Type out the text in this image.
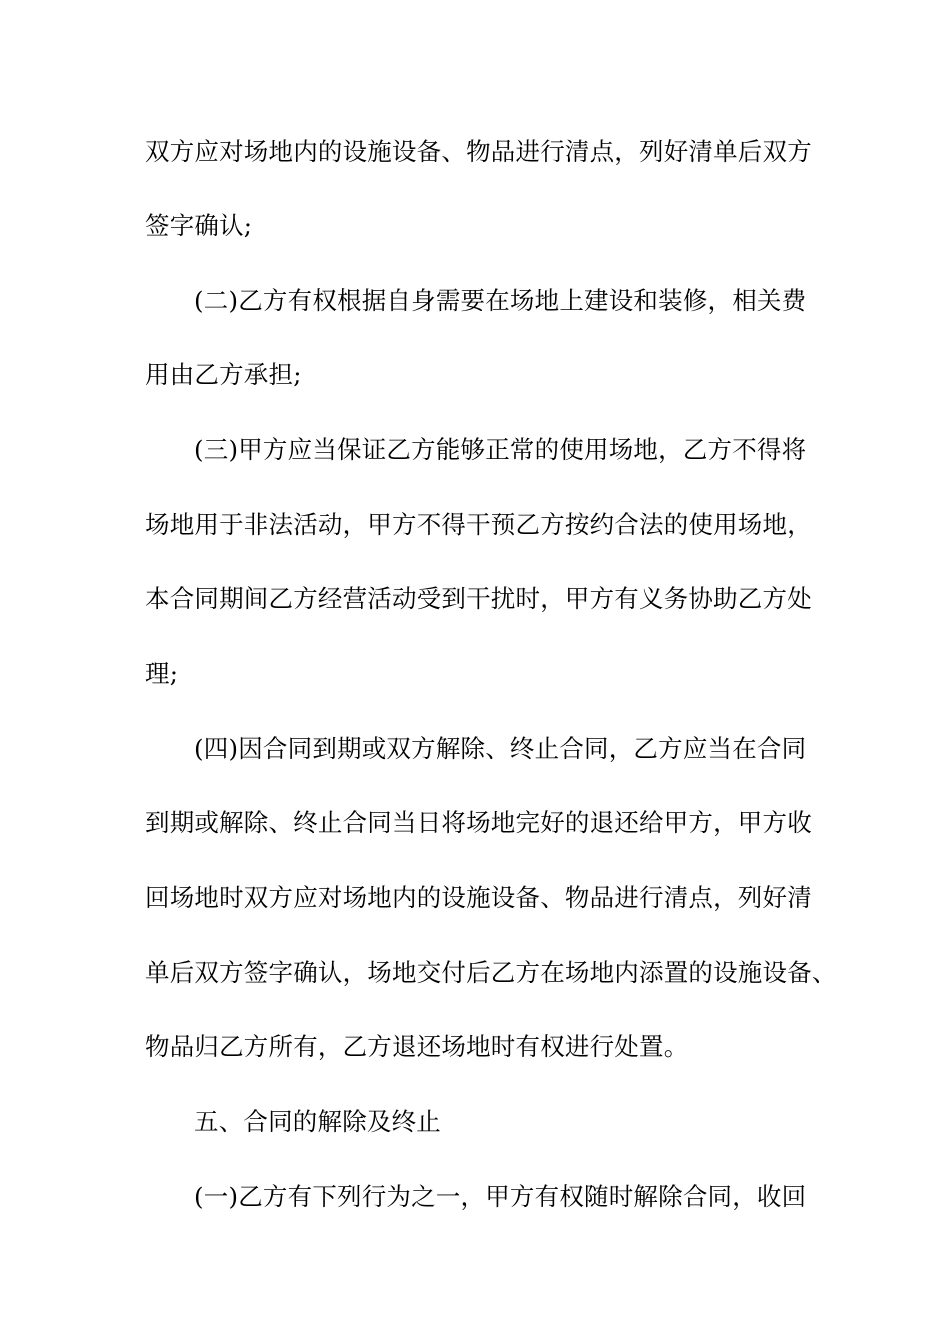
双方应对场地内的设施设备、物品进行清点，列好清单后双方
签字确认;
(二)乙方有权根据自身需要在场地上建设和装修，相关费
用由乙方承担;
(三)甲方应当保证乙方能够正常的使用场地，乙方不得将
场地用于非法活动，甲方不得干预乙方按约合法的使用场地，
本合同期间乙方经营活动受到干扰时，甲方有义务协助乙方处
理;
(四)因合同到期或双方解除、终止合同，乙方应当在合同
到期或解除、终止合同当日将场地完好的退还给甲方，甲方收
回场地时双方应对场地内的设施设备、物品进行清点，列好清
单后双方签字确认，场地交付后乙方在场地内添置的设施设备、
物品归乙方所有，乙方退还场地时有权进行处置。
五、合同的解除及终止
(一)乙方有下列行为之一，甲方有权随时解除合同，收回
